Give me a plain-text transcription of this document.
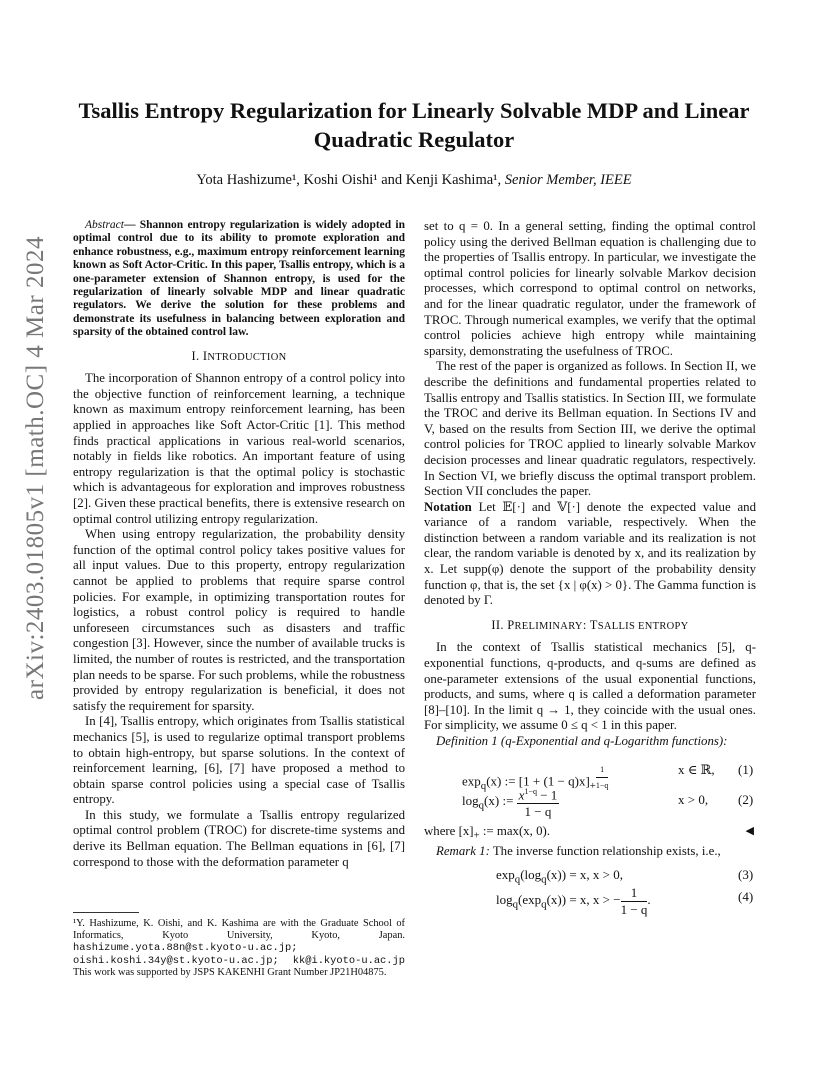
arXiv:2403.01805v1 [math.OC] 4 Mar 2024
Tsallis Entropy Regularization for Linearly Solvable MDP and Linear
Quadratic Regulator
Yota Hashizume¹, Koshi Oishi¹ and Kenji Kashima¹, Senior Member, IEEE

Abstract— Shannon entropy regularization is widely adopted in optimal control due to its ability to promote exploration and enhance robustness, e.g., maximum entropy reinforcement learning known as Soft Actor-Critic. In this paper, Tsallis entropy, which is a one-parameter extension of Shannon entropy, is used for the regularization of linearly solvable MDP and linear quadratic regulators. We derive the solution for these problems and demonstrate its usefulness in balancing between exploration and sparsity of the obtained control law.

I. INTRODUCTION

The incorporation of Shannon entropy of a control policy into the objective function of reinforcement learning, a technique known as maximum entropy reinforcement learning, has been applied in approaches like Soft Actor-Critic [1]. This method finds practical applications in various real-world scenarios, notably in fields like robotics. An important feature of using entropy regularization is that the optimal policy is stochastic which is advantageous for exploration and improves robustness [2]. Given these practical benefits, there is extensive research on optimal control utilizing entropy regularization.

When using entropy regularization, the probability density function of the optimal control policy takes positive values for all input values. Due to this property, entropy regularization cannot be applied to problems that require sparse control policies. For example, in optimizing transportation routes for logistics, a robust control policy is required to handle unforeseen circumstances such as disasters and traffic congestion [3]. However, since the number of available trucks is limited, the number of routes is restricted, and the transportation plan needs to be sparse. For such problems, while the robustness provided by entropy regularization is beneficial, it does not satisfy the requirement for sparsity.

In [4], Tsallis entropy, which originates from Tsallis statistical mechanics [5], is used to regularize optimal transport problems to obtain high-entropy, but sparse solutions. In the context of reinforcement learning, [6], [7] have proposed a method to obtain sparse control policies using a special case of Tsallis entropy.

In this study, we formulate a Tsallis entropy regularized optimal control problem (TROC) for discrete-time systems and derive its Bellman equation. The Bellman equations in [6], [7] correspond to those with the deformation parameter q

¹Y. Hashizume, K. Oishi, and K. Kashima are with the Graduate School of Informatics, Kyoto University, Kyoto, Japan. hashizume.yota.88n@st.kyoto-u.ac.jp; oishi.koshi.34y@st.kyoto-u.ac.jp; kk@i.kyoto-u.ac.jp This work was supported by JSPS KAKENHI Grant Number JP21H04875.

set to q = 0. In a general setting, finding the optimal control policy using the derived Bellman equation is challenging due to the properties of Tsallis entropy. In particular, we investigate the optimal control policies for linearly solvable Markov decision processes, which correspond to optimal control on networks, and for the linear quadratic regulator, under the framework of TROC. Through numerical examples, we verify that the optimal control policies achieve high entropy while maintaining sparsity, demonstrating the usefulness of TROC.

The rest of the paper is organized as follows. In Section II, we describe the definitions and fundamental properties related to Tsallis entropy and Tsallis statistics. In Section III, we formulate the TROC and derive its Bellman equation. In Sections IV and V, based on the results from Section III, we derive the optimal control policies for TROC applied to linearly solvable Markov decision processes and linear quadratic regulators, respectively. In Section VI, we briefly discuss the optimal transport problem. Section VII concludes the paper.

Notation Let 𝔼[·] and 𝕍[·] denote the expected value and variance of a random variable, respectively. When the distinction between a random variable and its realization is not clear, the random variable is denoted by x, and its realization by x. Let supp(φ) denote the support of the probability density function φ, that is, the set {x | φ(x) > 0}. The Gamma function is denoted by Γ.

II. PRELIMINARY: TSALLIS ENTROPY

In the context of Tsallis statistical mechanics [5], q-exponential functions, q-products, and q-sums are defined as one-parameter extensions of the usual exponential functions, products, and sums, where q is called a deformation parameter [8]–[10]. In the limit q → 1, they coincide with the usual ones. For simplicity, we assume 0 ≤ q < 1 in this paper.

Definition 1 (q-Exponential and q-Logarithm functions):

$\exp_q(x)$ := $[1 + (1 - q)x]_+$ $^{\frac{1}{1-q}}$	x ∈ ℝ, (1)
$\log_q(x)$ := $\frac{x^{1-q} - 1}{1 - q}$	x > 0, (2)

where $[x]_+$ := max(x, 0).	◀

Remark 1: The inverse function relationship exists, i.e.,

$\exp_q(\log_q(x)) = x$, x > 0,	(3)
$\log_q(\exp_q(x)) = x$, x > − $\frac{1}{1 - q}$ .	(4)
